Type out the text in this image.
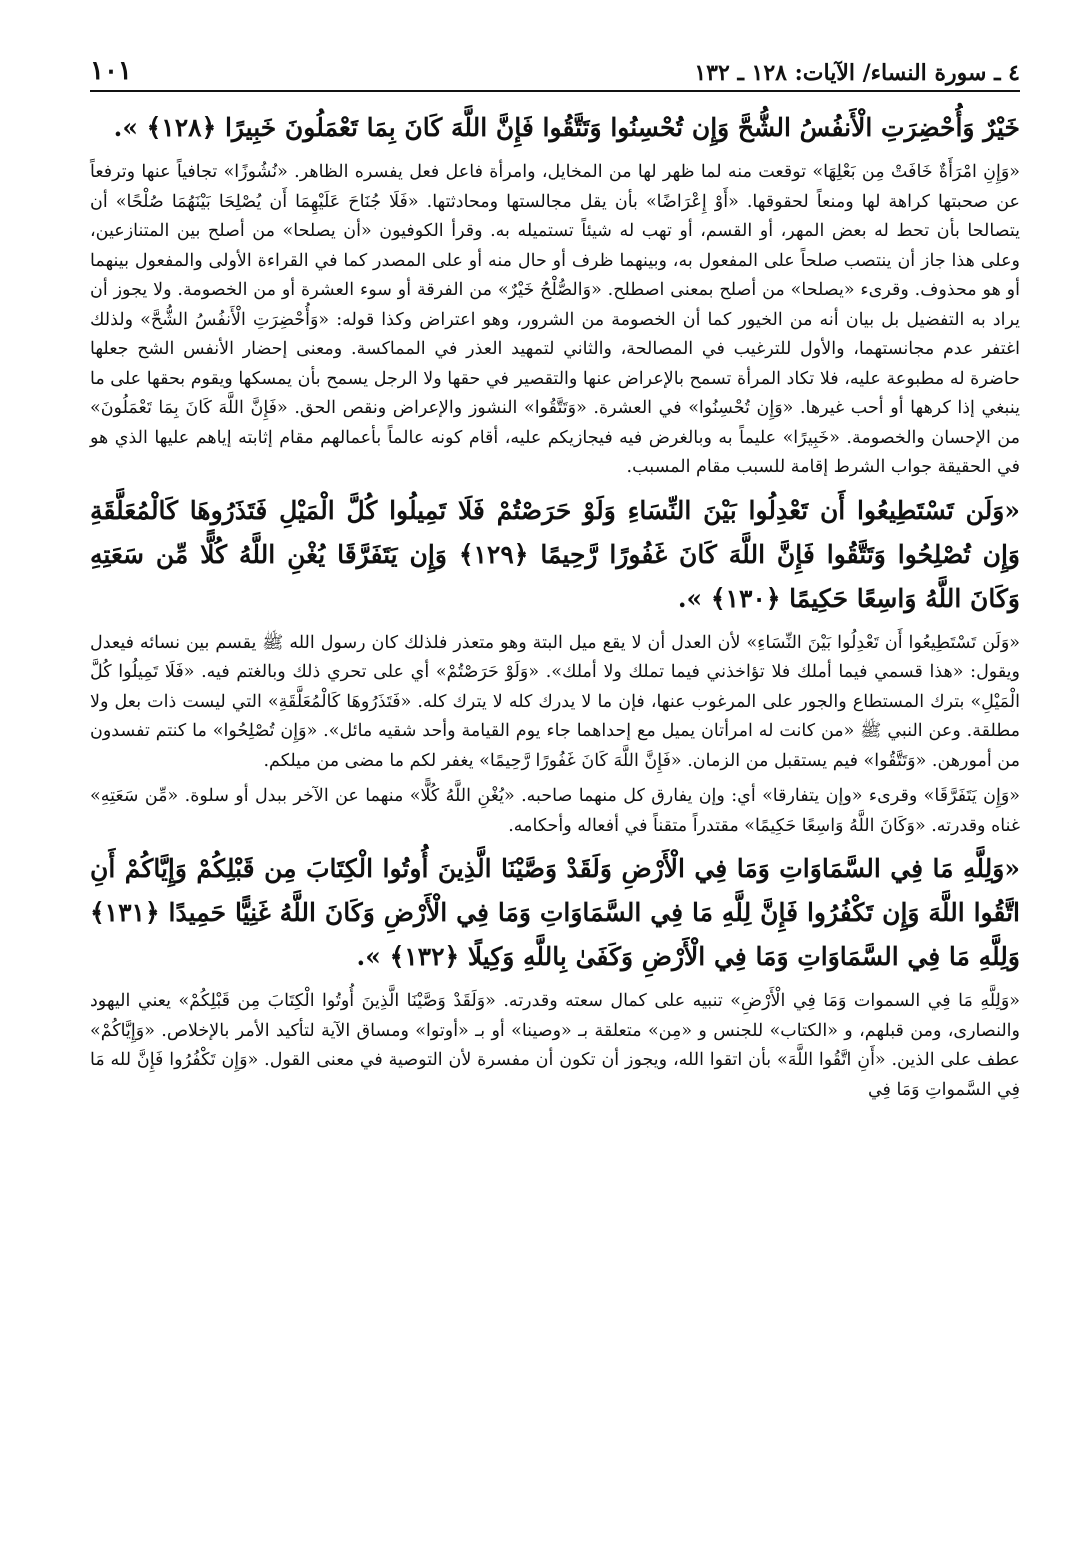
٤ ـ سورة النساء/ الآيات: ١٢٨ ـ ١٣٢
١٠١

خَيْرٌ وَأُحْضِرَتِ الْأَنفُسُ الشُّحَّ وَإِن تُحْسِنُوا وَتَتَّقُوا فَإِنَّ اللَّهَ كَانَ بِمَا تَعْمَلُونَ خَبِيرًا ﴿١٢٨﴾ ».

«وَإِنِ امْرَأَةٌ خَافَتْ مِن بَعْلِهَا» توقعت منه لما ظهر لها من المخايل، وامرأة فاعل فعل يفسره الظاهر. «نُشُوزًا» تجافياً عنها وترفعاً عن صحبتها كراهة لها ومنعاً لحقوقها. «أَوْ إِعْرَاضًا» بأن يقل مجالستها ومحادثتها. «فَلَا جُنَاحَ عَلَيْهِمَا أَن يُصْلِحَا بَيْنَهُمَا صُلْحًا» أن يتصالحا بأن تحط له بعض المهر، أو القسم، أو تهب له شيئاً تستميله به. وقرأ الكوفيون «أن يصلحا» من أصلح بين المتنازعين، وعلى هذا جاز أن ينتصب صلحاً على المفعول به، وبينهما ظرف أو حال منه أو على المصدر كما في القراءة الأولى والمفعول بينهما أو هو محذوف. وقرىء «يصلحا» من أصلح بمعنى اصطلح. «وَالصُّلْحُ خَيْرٌ» من الفرقة أو سوء العشرة أو من الخصومة. ولا يجوز أن يراد به التفضيل بل بيان أنه من الخيور كما أن الخصومة من الشرور، وهو اعتراض وكذا قوله: «وَأُحْضِرَتِ الْأَنفُسُ الشُّحَّ» ولذلك اغتفر عدم مجانستهما، والأول للترغيب في المصالحة، والثاني لتمهيد العذر في المماكسة. ومعنى إحضار الأنفس الشح جعلها حاضرة له مطبوعة عليه، فلا تكاد المرأة تسمح بالإعراض عنها والتقصير في حقها ولا الرجل يسمح بأن يمسكها ويقوم بحقها على ما ينبغي إذا كرهها أو أحب غيرها. «وَإِن تُحْسِنُوا» في العشرة. «وَتَتَّقُوا» النشوز والإعراض ونقص الحق. «فَإِنَّ اللَّهَ كَانَ بِمَا تَعْمَلُونَ» من الإحسان والخصومة. «خَبِيرًا» عليماً به وبالغرض فيه فيجازيكم عليه، أقام كونه عالماً بأعمالهم مقام إثابته إياهم عليها الذي هو في الحقيقة جواب الشرط إقامة للسبب مقام المسبب.

«وَلَن تَسْتَطِيعُوا أَن تَعْدِلُوا بَيْنَ النِّسَاءِ وَلَوْ حَرَصْتُمْ فَلَا تَمِيلُوا كُلَّ الْمَيْلِ فَتَذَرُوهَا كَالْمُعَلَّقَةِ وَإِن تُصْلِحُوا وَتَتَّقُوا فَإِنَّ اللَّهَ كَانَ غَفُورًا رَّحِيمًا ﴿١٢٩﴾ وَإِن يَتَفَرَّقَا يُغْنِ اللَّهُ كُلًّا مِّن سَعَتِهِ وَكَانَ اللَّهُ وَاسِعًا حَكِيمًا ﴿١٣٠﴾ ».

«وَلَن تَسْتَطِيعُوا أَن تَعْدِلُوا بَيْنَ النِّسَاءِ» لأن العدل أن لا يقع ميل البتة وهو متعذر فلذلك كان رسول الله ﷺ يقسم بين نسائه فيعدل ويقول: «هذا قسمي فيما أملك فلا تؤاخذني فيما تملك ولا أملك». «وَلَوْ حَرَصْتُمْ» أي على تحري ذلك وبالغتم فيه. «فَلَا تَمِيلُوا كُلَّ الْمَيْلِ» بترك المستطاع والجور على المرغوب عنها، فإن ما لا يدرك كله لا يترك كله. «فَتَذَرُوهَا كَالْمُعَلَّقَةِ» التي ليست ذات بعل ولا مطلقة. وعن النبي ﷺ «من كانت له امرأتان يميل مع إحداهما جاء يوم القيامة وأحد شقيه مائل». «وَإِن تُصْلِحُوا» ما كنتم تفسدون من أمورهن. «وَتَتَّقُوا» فيم يستقبل من الزمان. «فَإِنَّ اللَّهَ كَانَ غَفُورًا رَّحِيمًا» يغفر لكم ما مضى من ميلكم.

«وَإِن يَتَفَرَّقَا» وقرىء «وإن يتفارقا» أي: وإن يفارق كل منهما صاحبه. «يُغْنِ اللَّهُ كُلًّا» منهما عن الآخر ببدل أو سلوة. «مِّن سَعَتِهِ» غناه وقدرته. «وَكَانَ اللَّهُ وَاسِعًا حَكِيمًا» مقتدراً متقناً في أفعاله وأحكامه.

«وَلِلَّهِ مَا فِي السَّمَاوَاتِ وَمَا فِي الْأَرْضِ وَلَقَدْ وَصَّيْنَا الَّذِينَ أُوتُوا الْكِتَابَ مِن قَبْلِكُمْ وَإِيَّاكُمْ أَنِ اتَّقُوا اللَّهَ وَإِن تَكْفُرُوا فَإِنَّ لِلَّهِ مَا فِي السَّمَاوَاتِ وَمَا فِي الْأَرْضِ وَكَانَ اللَّهُ غَنِيًّا حَمِيدًا ﴿١٣١﴾ وَلِلَّهِ مَا فِي السَّمَاوَاتِ وَمَا فِي الْأَرْضِ وَكَفَىٰ بِاللَّهِ وَكِيلًا ﴿١٣٢﴾ ».

«وَلِلَّهِ مَا فِي السموات وَمَا فِي الْأَرْضِ» تنبيه على كمال سعته وقدرته. «وَلَقَدْ وَصَّيْنَا الَّذِينَ أُوتُوا الْكِتَابَ مِن قَبْلِكُمْ» يعني اليهود والنصارى، ومن قبلهم، و «الكتاب» للجنس و «مِن» متعلقة بـ «وصينا» أو بـ «أوتوا» ومساق الآية لتأكيد الأمر بالإخلاص. «وَإِيَّاكُمْ» عطف على الذين. «أَنِ اتَّقُوا اللَّهَ» بأن اتقوا الله، ويجوز أن تكون أن مفسرة لأن التوصية في معنى القول. «وَإِن تَكْفُرُوا فَإِنَّ لله مَا فِي السَّمواتِ وَمَا فِي
